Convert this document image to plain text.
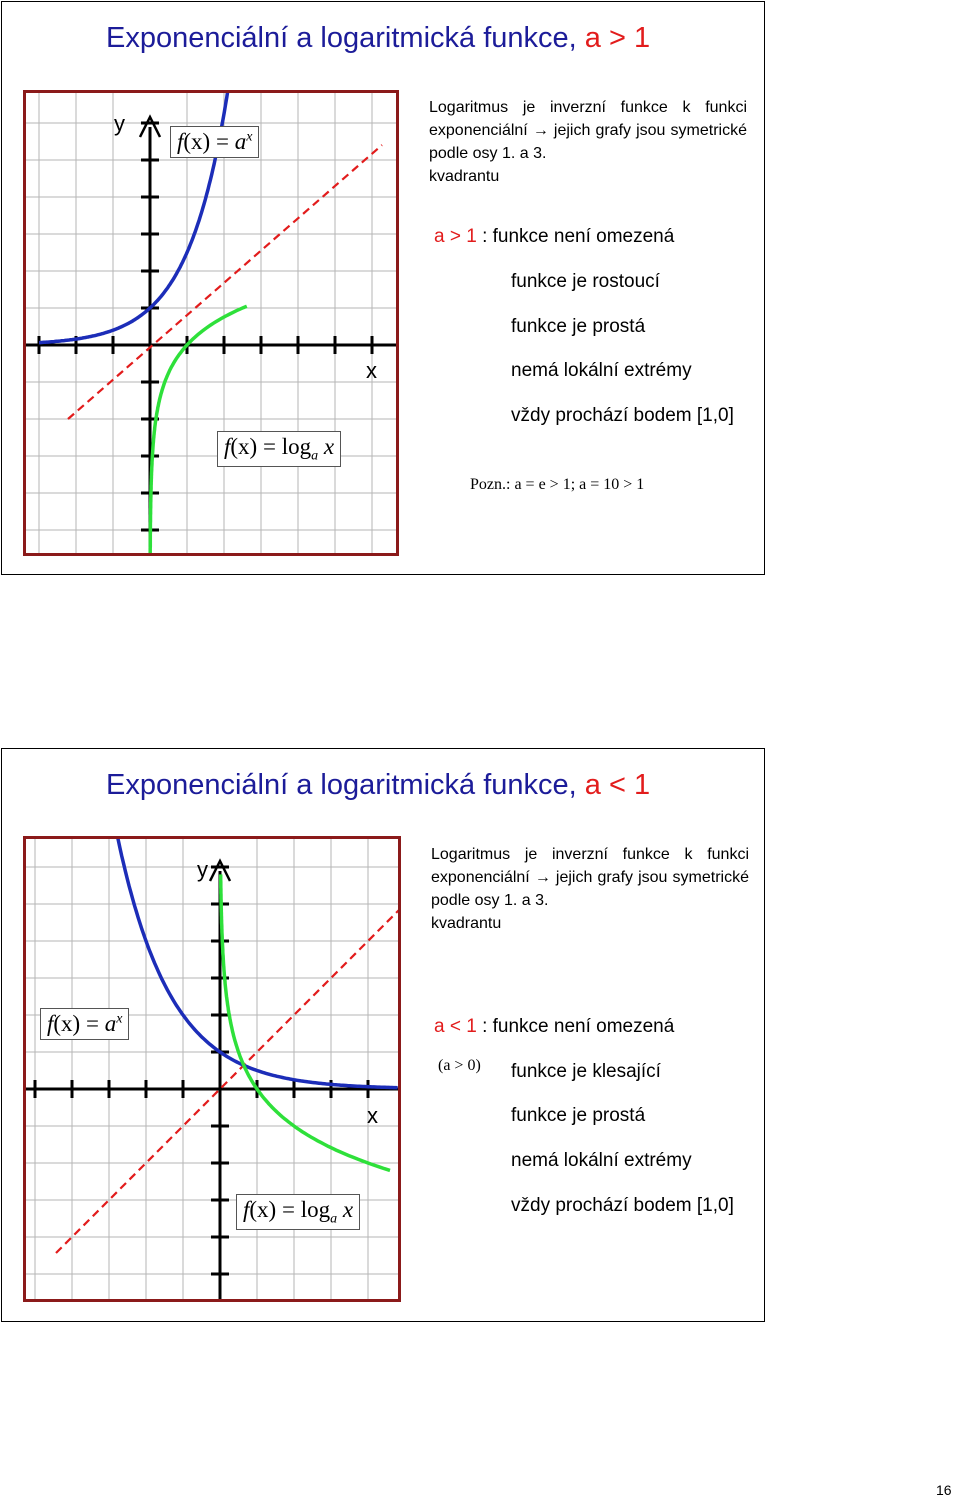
Exponenciální a logaritmická funkce, a > 1
y
x
$f(x) = a^x$
$f(x) = \log_a x$
Logaritmus je inverzní funkce k funkci exponenciální → jejich grafy jsou symetrické podle osy 1. a 3.
kvadrantu
a > 1 : funkce není omezená
funkce je rostoucí
funkce je prostá
nemá lokální extrémy
vždy prochází bodem [1,0]
Pozn.: a = e > 1; a = 10 > 1
Exponenciální a logaritmická funkce, a < 1
y
x
$f(x) = \log_a x$
$f(x) = a^x$
Logaritmus je inverzní funkce k funkci exponenciální → jejich grafy jsou symetrické podle osy 1. a 3.
kvadrantu
a < 1 : funkce není omezená
(a > 0) funkce je klesající
funkce je prostá
nemá lokální extrémy
vždy prochází bodem [1,0]
16
